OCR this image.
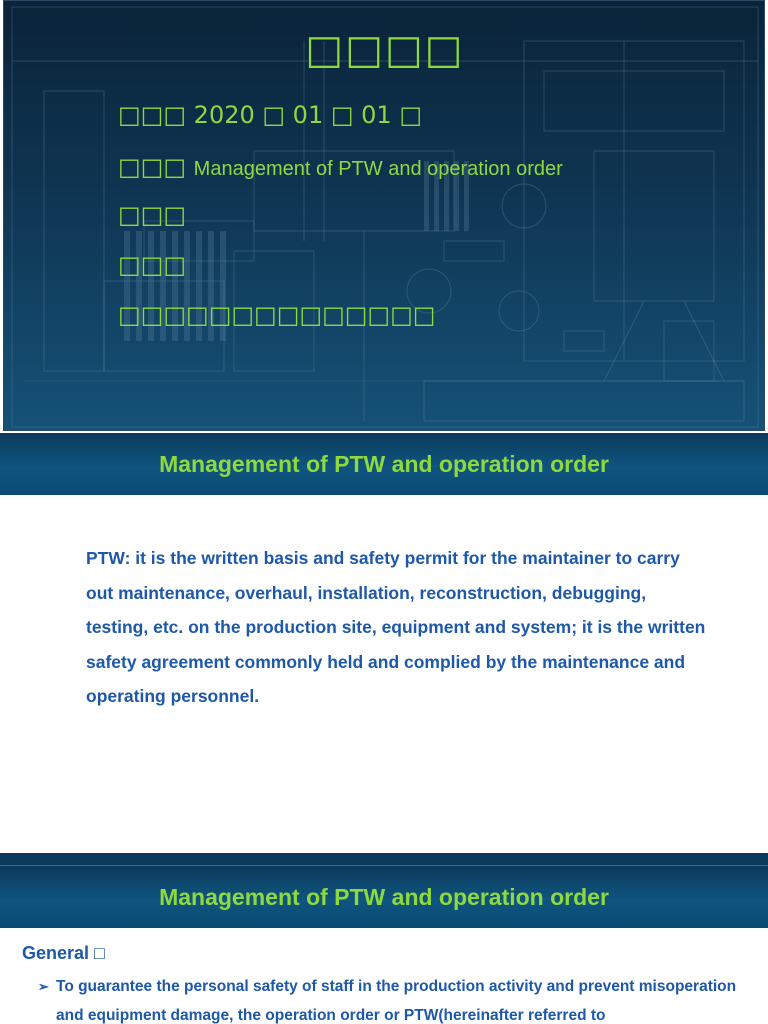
□□□□
□□□ 2020 □ 01 □ 01 □
□□□ Management of PTW and operation order
□□□
□□□
□□□□□□□□□□□□□□
Management of PTW and operation order
PTW: it is the written basis and safety permit for the maintainer to carry out maintenance, overhaul, installation, reconstruction, debugging, testing, etc. on the production site, equipment and system; it is the written safety agreement commonly held and complied by the maintenance and operating personnel.
Management of PTW and operation order
General □
➢ To guarantee the personal safety of staff in the production activity and prevent misoperation and equipment damage, the operation order or PTW(hereinafter referred to
